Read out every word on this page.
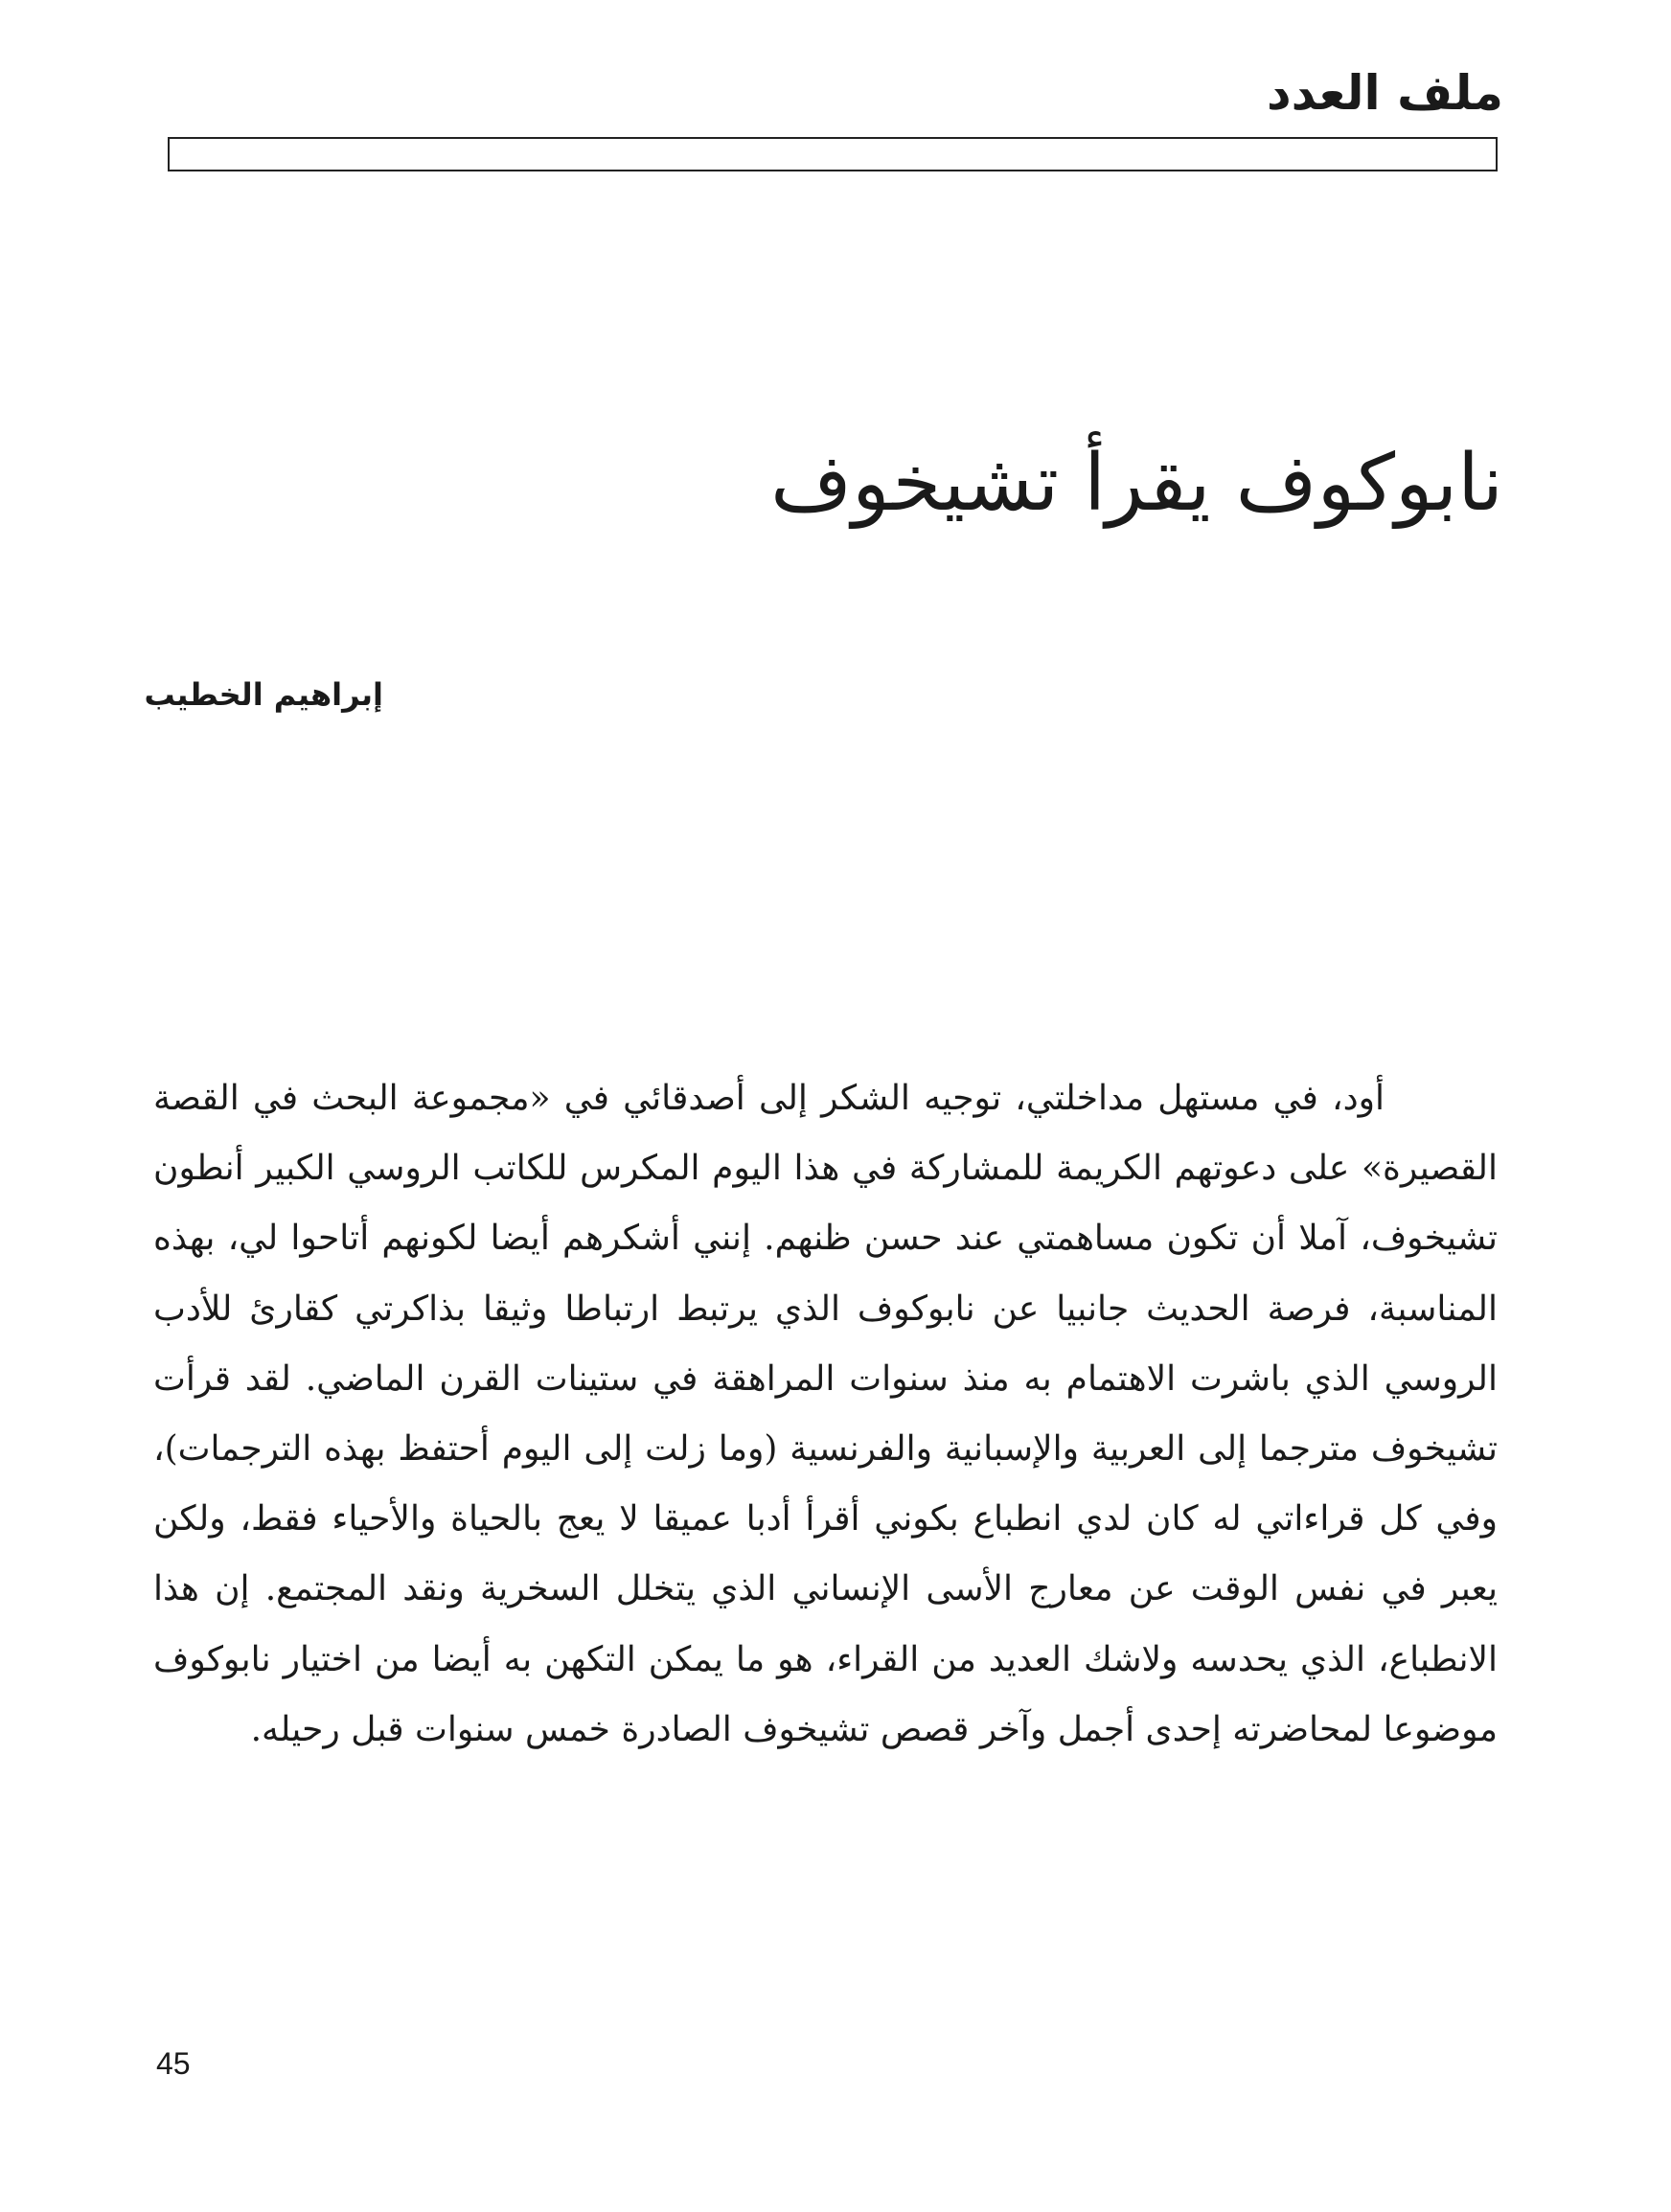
ملف العدد
نابوكوف يقرأ تشيخوف
إبراهيم الخطيب

أود، في مستهل مداخلتي، توجيه الشكر إلى أصدقائي في «مجموعة البحث في القصة القصيرة» على دعوتهم الكريمة للمشاركة في هذا اليوم المكرس للكاتب الروسي الكبير أنطون تشيخوف، آملا أن تكون مساهمتي عند حسن ظنهم. إنني أشكرهم أيضا لكونهم أتاحوا لي، بهذه المناسبة، فرصة الحديث جانبيا عن نابوكوف الذي يرتبط ارتباطا وثيقا بذاكرتي كقارئ للأدب الروسي الذي باشرت الاهتمام به منذ سنوات المراهقة في ستينات القرن الماضي. لقد قرأت تشيخوف مترجما إلى العربية والإسبانية والفرنسية (وما زلت إلى اليوم أحتفظ بهذه الترجمات)، وفي كل قراءاتي له كان لدي انطباع بكوني أقرأ أدبا عميقا لا يعج بالحياة والأحياء فقط، ولكن يعبر في نفس الوقت عن معارج الأسى الإنساني الذي يتخلل السخرية ونقد المجتمع. إن هذا الانطباع، الذي يحدسه ولاشك العديد من القراء، هو ما يمكن التكهن به أيضا من اختيار نابوكوف موضوعا لمحاضرته إحدى أجمل وآخر قصص تشيخوف الصادرة خمس سنوات قبل رحيله.

45
